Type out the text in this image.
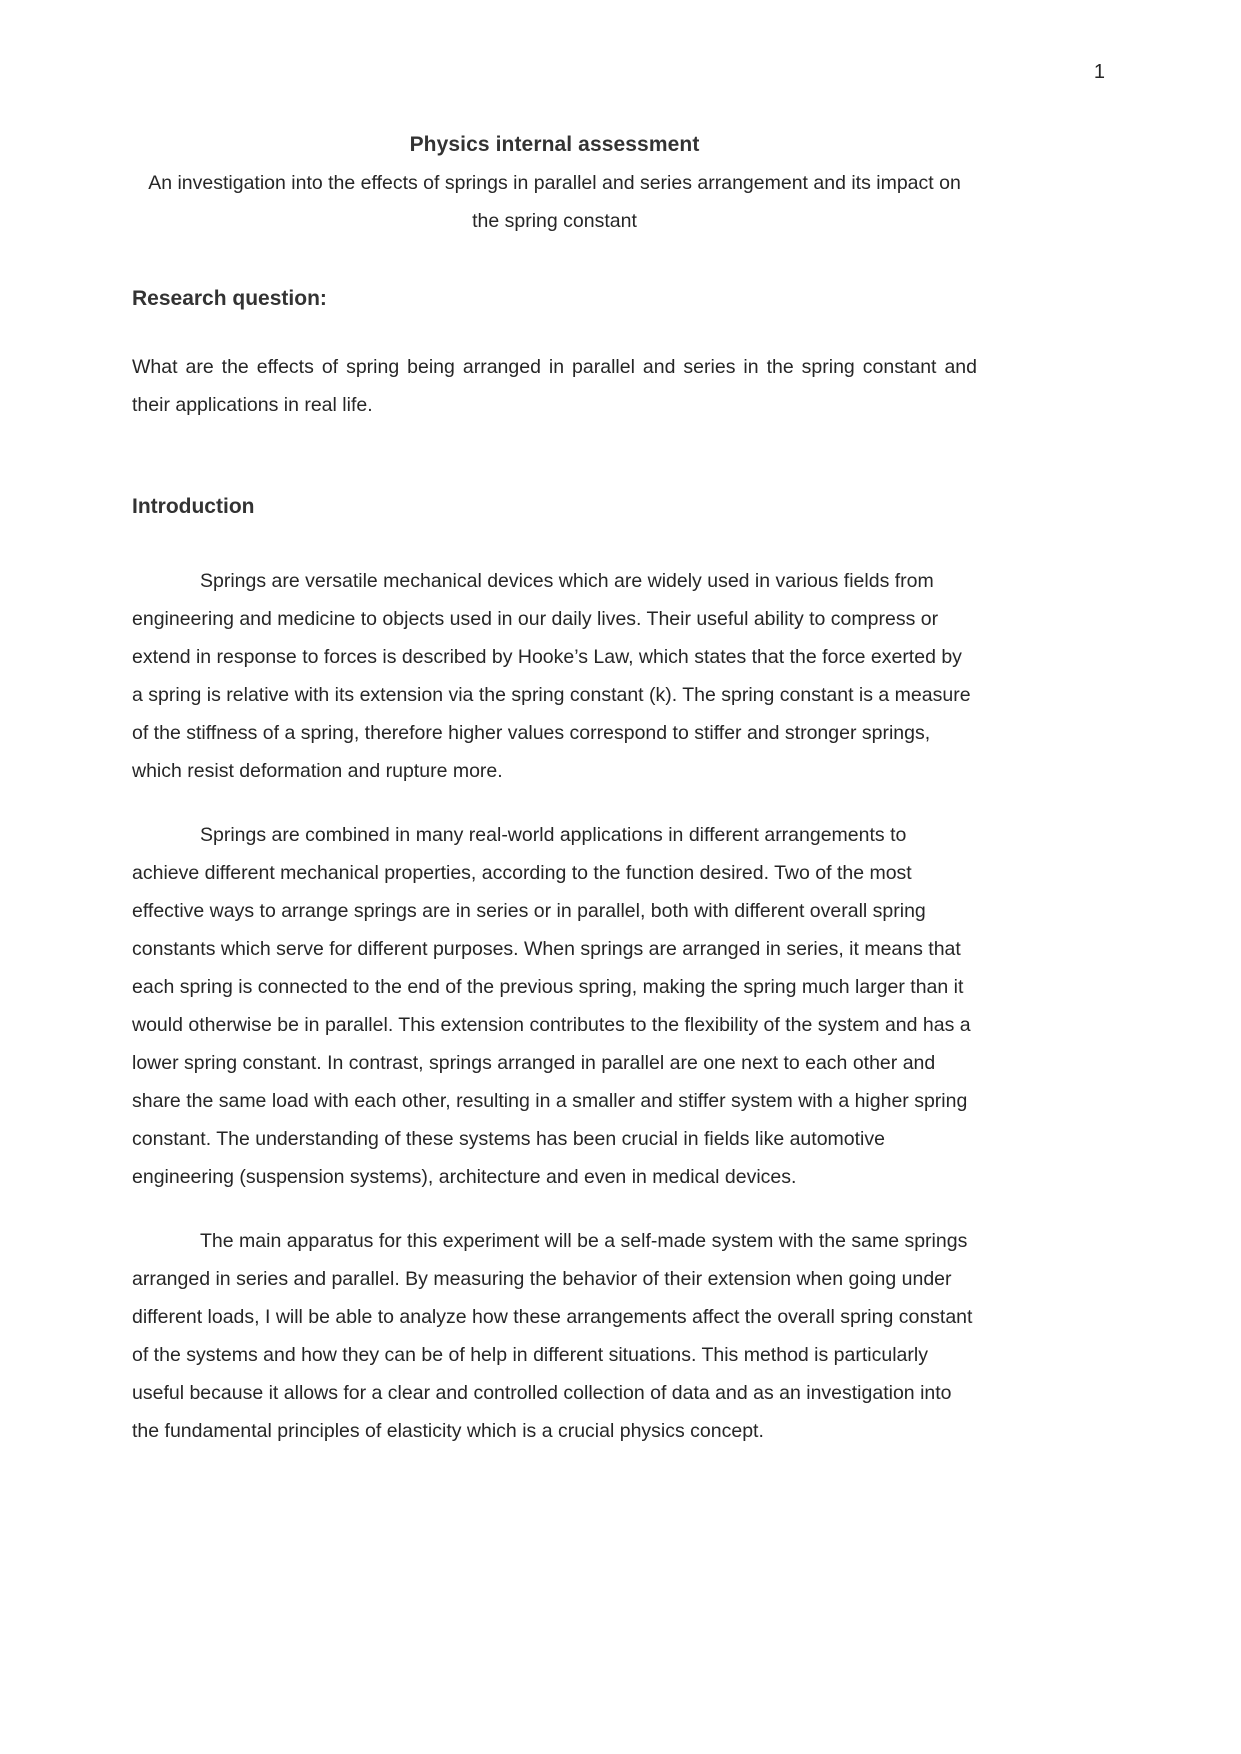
1
Physics internal assessment

An investigation into the effects of springs in parallel and series arrangement and its impact on the spring constant

Research question:

What are the effects of spring being arranged in parallel and series in the spring constant and their applications in real life.

Introduction

Springs are versatile mechanical devices which are widely used in various fields from engineering and medicine to objects used in our daily lives. Their useful ability to compress or extend in response to forces is described by Hooke’s Law, which states that the force exerted by a spring is relative with its extension via the spring constant (k). The spring constant is a measure of the stiffness of a spring, therefore higher values correspond to stiffer and stronger springs, which resist deformation and rupture more.

Springs are combined in many real-world applications in different arrangements to achieve different mechanical properties, according to the function desired. Two of the most effective ways to arrange springs are in series or in parallel, both with different overall spring constants which serve for different purposes. When springs are arranged in series, it means that each spring is connected to the end of the previous spring, making the spring much larger than it would otherwise be in parallel. This extension contributes to the flexibility of the system and has a lower spring constant. In contrast, springs arranged in parallel are one next to each other and share the same load with each other, resulting in a smaller and stiffer system with a higher spring constant. The understanding of these systems has been crucial in fields like automotive engineering (suspension systems), architecture and even in medical devices.

The main apparatus for this experiment will be a self-made system with the same springs arranged in series and parallel. By measuring the behavior of their extension when going under different loads, I will be able to analyze how these arrangements affect the overall spring constant of the systems and how they can be of help in different situations. This method is particularly useful because it allows for a clear and controlled collection of data and as an investigation into the fundamental principles of elasticity which is a crucial physics concept.
